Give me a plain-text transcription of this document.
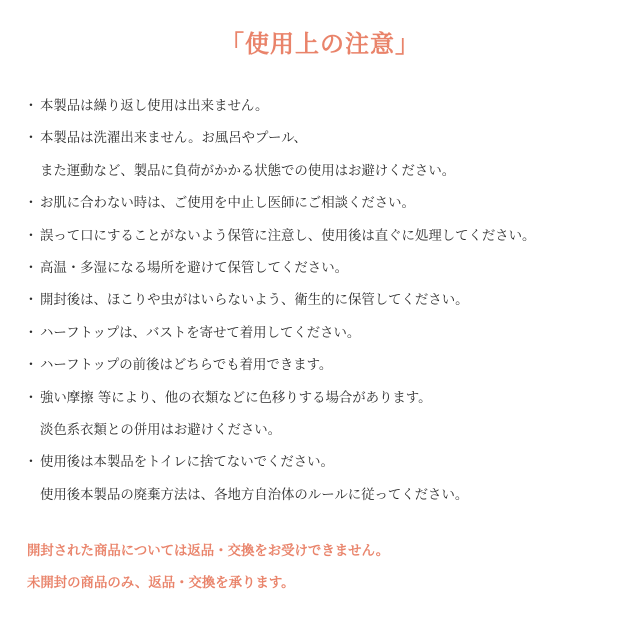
「使用上の注意」
・ 本製品は繰り返し使用は出来ません。
・ 本製品は洗濯出来ません。お風呂やプール、
また運動など、製品に負荷がかかる状態での使用はお避けください。
・ お肌に合わない時は、ご使用を中止し医師にご相談ください。
・ 誤って口にすることがないよう保管に注意し、使用後は直ぐに処理してください。
・ 高温・多湿になる場所を避けて保管してください。
・ 開封後は、ほこりや虫がはいらないよう、衛生的に保管してください。
・ ハーフトップは、バストを寄せて着用してください。
・ ハーフトップの前後はどちらでも着用できます。
・ 強い摩擦 等により、他の衣類などに色移りする場合があります。
淡色系衣類との併用はお避けください。
・ 使用後は本製品をトイレに捨てないでください。
使用後本製品の廃棄方法は、各地方自治体のルールに従ってください。
開封された商品については返品・交換をお受けできません。
未開封の商品のみ、返品・交換を承ります。
